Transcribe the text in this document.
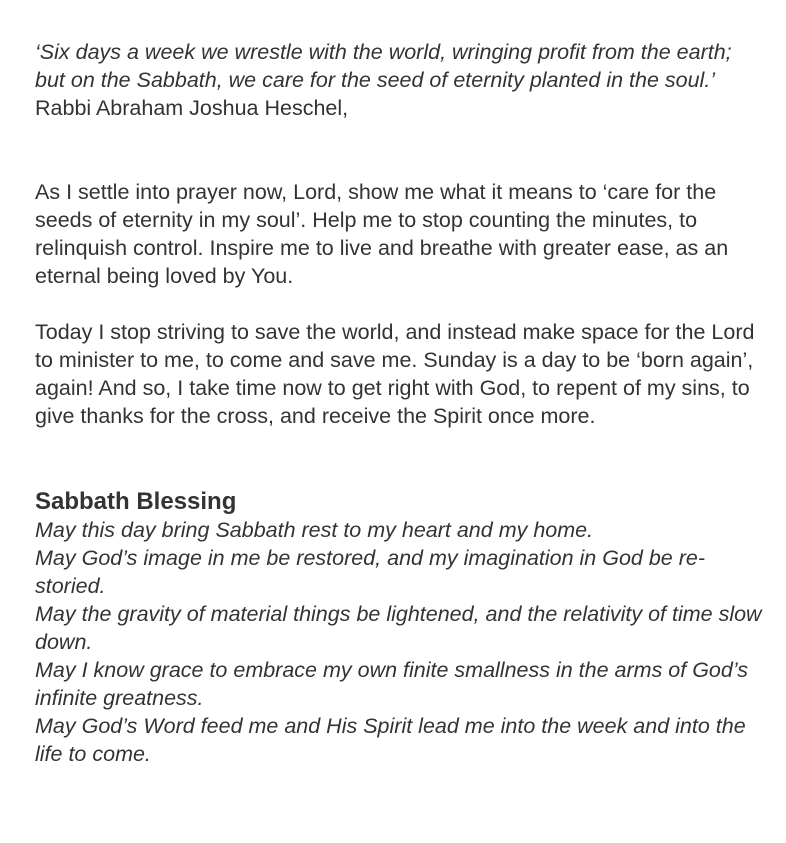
‘Six days a week we wrestle with the world, wringing profit from the earth; but on the Sabbath, we care for the seed of eternity planted in the soul.’Rabbi Abraham Joshua Heschel,

As I settle into prayer now, Lord, show me what it means to ‘care for the seeds of eternity in my soul’. Help me to stop counting the minutes, to relinquish control. Inspire me to live and breathe with greater ease, as an eternal being loved by You.

Today I stop striving to save the world, and instead make space for the Lord to minister to me, to come and save me. Sunday is a day to be ‘born again’, again! And so, I take time now to get right with God, to repent of my sins, to give thanks for the cross, and receive the Spirit once more.

Sabbath Blessing
May this day bring Sabbath rest to my heart and my home.
May God’s image in me be restored, and my imagination in God be re-storied.
May the gravity of material things be lightened, and the relativity of time slow down.
May I know grace to embrace my own finite smallness in the arms of God’s infinite greatness.
May God’s Word feed me and His Spirit lead me into the week and into the life to come.
